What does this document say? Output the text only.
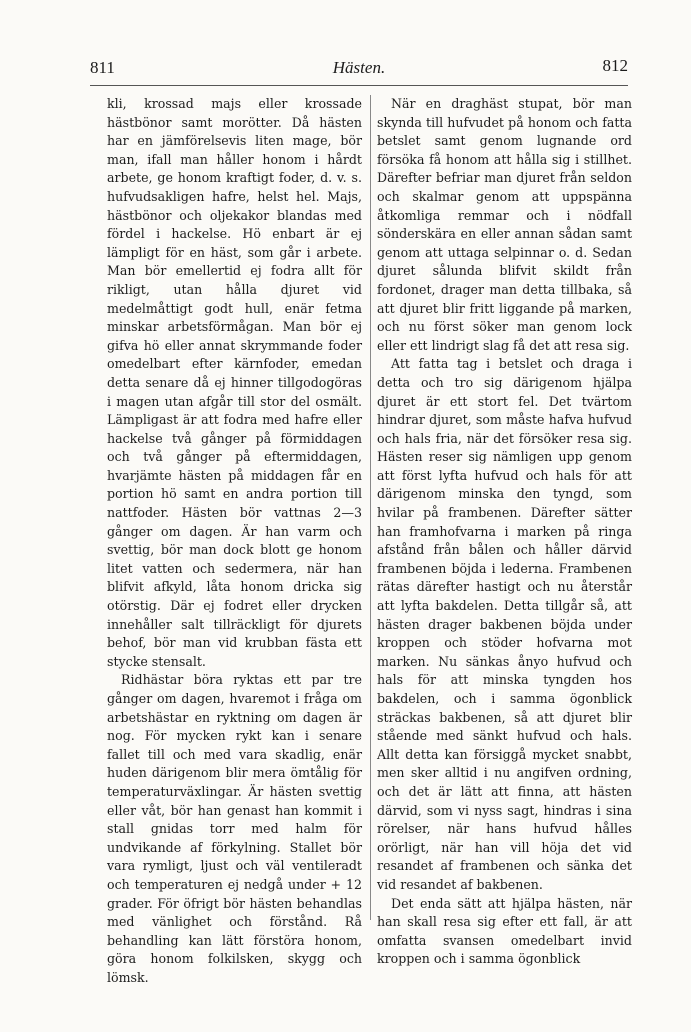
811	Hästen.	812

kli, krossad majs eller krossade hästbönor samt morötter. Då hästen har en jämförelsevis liten mage, bör man, ifall man håller honom i hårdt arbete, ge honom kraftigt foder, d. v. s. hufvudsakligen hafre, helst hel. Majs, hästbönor och oljekakor blandas med fördel i hackelse. Hö enbart är ej lämpligt för en häst, som går i arbete. Man bör emellertid ej fodra allt för rikligt, utan hålla djuret vid medelmåttigt godt hull, enär fetma minskar arbetsförmågan. Man bör ej gifva hö eller annat skrymmande foder omedelbart efter kärnfoder, emedan detta senare då ej hinner tillgodogöras i magen utan afgår till stor del osmält. Lämpligast är att fodra med hafre eller hackelse två gånger på förmiddagen och två gånger på eftermiddagen, hvarjämte hästen på middagen får en portion hö samt en andra portion till nattfoder. Hästen bör vattnas 2—3 gånger om dagen. Är han varm och svettig, bör man dock blott ge honom litet vatten och sedermera, när han blifvit afkyld, låta honom dricka sig otörstig. Där ej fodret eller drycken innehåller salt tillräckligt för djurets behof, bör man vid krubban fästa ett stycke stensalt.

Ridhästar böra ryktas ett par tre gånger om dagen, hvaremot i fråga om arbetshästar en ryktning om dagen är nog. För mycken rykt kan i senare fallet till och med vara skadlig, enär huden därigenom blir mera ömtålig för temperaturväxlingar. Är hästen svettig eller våt, bör han genast han kommit i stall gnidas torr med halm för undvikande af förkylning. Stallet bör vara rymligt, ljust och väl ventileradt och temperaturen ej nedgå under + 12 grader. För öfrigt bör hästen behandlas med vänlighet och förstånd. Rå behandling kan lätt förstöra honom, göra honom folkilsken, skygg och lömsk.

När en draghäst stupat, bör man skynda till hufvudet på honom och fatta betslet samt genom lugnande ord försöka få honom att hålla sig i stillhet. Därefter befriar man djuret från seldon och skalmar genom att uppspänna åtkomliga remmar och i nödfall sönderskära en eller annan sådan samt genom att uttaga selpinnar o. d. Sedan djuret sålunda blifvit skildt från fordonet, drager man detta tillbaka, så att djuret blir fritt liggande på marken, och nu först söker man genom lock eller ett lindrigt slag få det att resa sig.

Att fatta tag i betslet och draga i detta och tro sig därigenom hjälpa djuret är ett stort fel. Det tvärtom hindrar djuret, som måste hafva hufvud och hals fria, när det försöker resa sig. Hästen reser sig nämligen upp genom att först lyfta hufvud och hals för att därigenom minska den tyngd, som hvilar på frambenen. Därefter sätter han framhofvarna i marken på ringa afstånd från bålen och håller därvid frambenen böjda i lederna. Frambenen rätas därefter hastigt och nu återstår att lyfta bakdelen. Detta tillgår så, att hästen drager bakbenen böjda under kroppen och stöder hofvarna mot marken. Nu sänkas ånyo hufvud och hals för att minska tyngden hos bakdelen, och i samma ögonblick sträckas bakbenen, så att djuret blir stående med sänkt hufvud och hals. Allt detta kan försiggå mycket snabbt, men sker alltid i nu angifven ordning, och det är lätt att finna, att hästen därvid, som vi nyss sagt, hindras i sina rörelser, när hans hufvud hålles orörligt, när han vill höja det vid resandet af frambenen och sänka det vid resandet af bakbenen.

Det enda sätt att hjälpa hästen, när han skall resa sig efter ett fall, är att omfatta svansen omedelbart invid kroppen och i samma ögonblick
